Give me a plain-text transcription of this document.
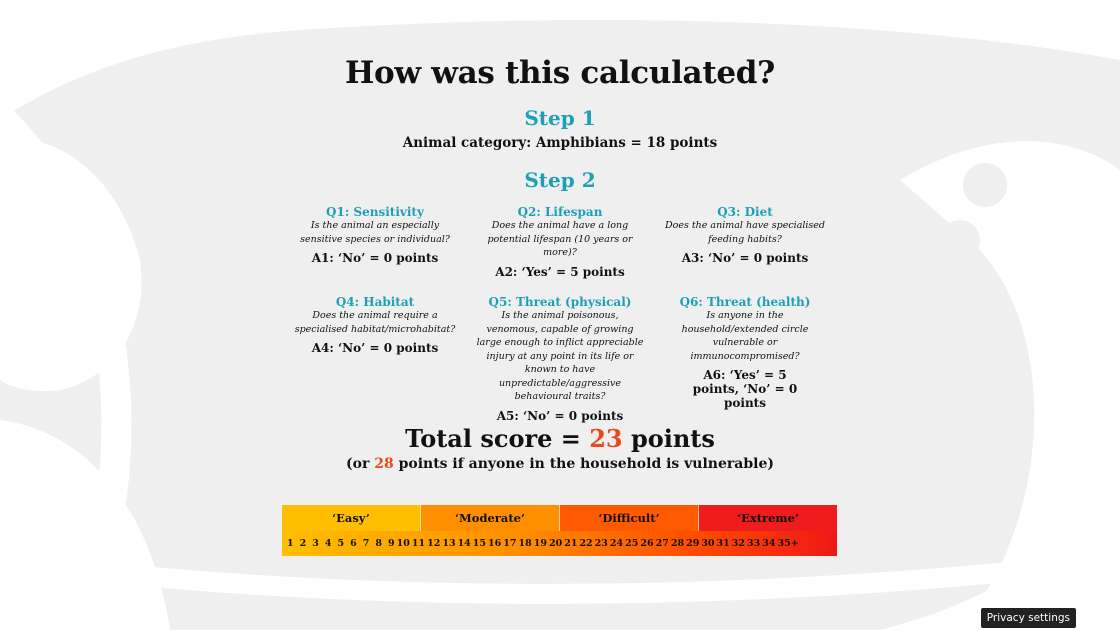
How was this calculated?
Step 1
Animal category: Amphibians = 18 points
Step 2
Q1: Sensitivity
Is the animal an especially sensitive species or individual?
A1: ‘No’ = 0 points
Q2: Lifespan
Does the animal have a long potential lifespan (10 years or more)?
A2: ‘Yes’ = 5 points
Q3: Diet
Does the animal have specialised feeding habits?
A3: ‘No’ = 0 points
Q4: Habitat
Does the animal require a specialised habitat/microhabitat?
A4: ‘No’ = 0 points
Q5: Threat (physical)
Is the animal poisonous, venomous, capable of growing large enough to inflict appreciable injury at any point in its life or known to have unpredictable/aggressive behavioural traits?
A5: ‘No’ = 0 points
Q6: Threat (health)
Is anyone in the household/extended circle vulnerable or immunocompromised?
A6: ‘Yes’ = 5 points, ‘No’ = 0 points
Total score = 23 points
(or 28 points if anyone in the household is vulnerable)
‘Easy’	‘Moderate’	‘Difficult’	‘Extreme’
1 2 3 4 5 6 7 8 9 10 11 12 13 14 15 16 17 18 19 20 21 22 23 24 25 26 27 28 29 30 31 32 33 34 35+
Privacy settings
